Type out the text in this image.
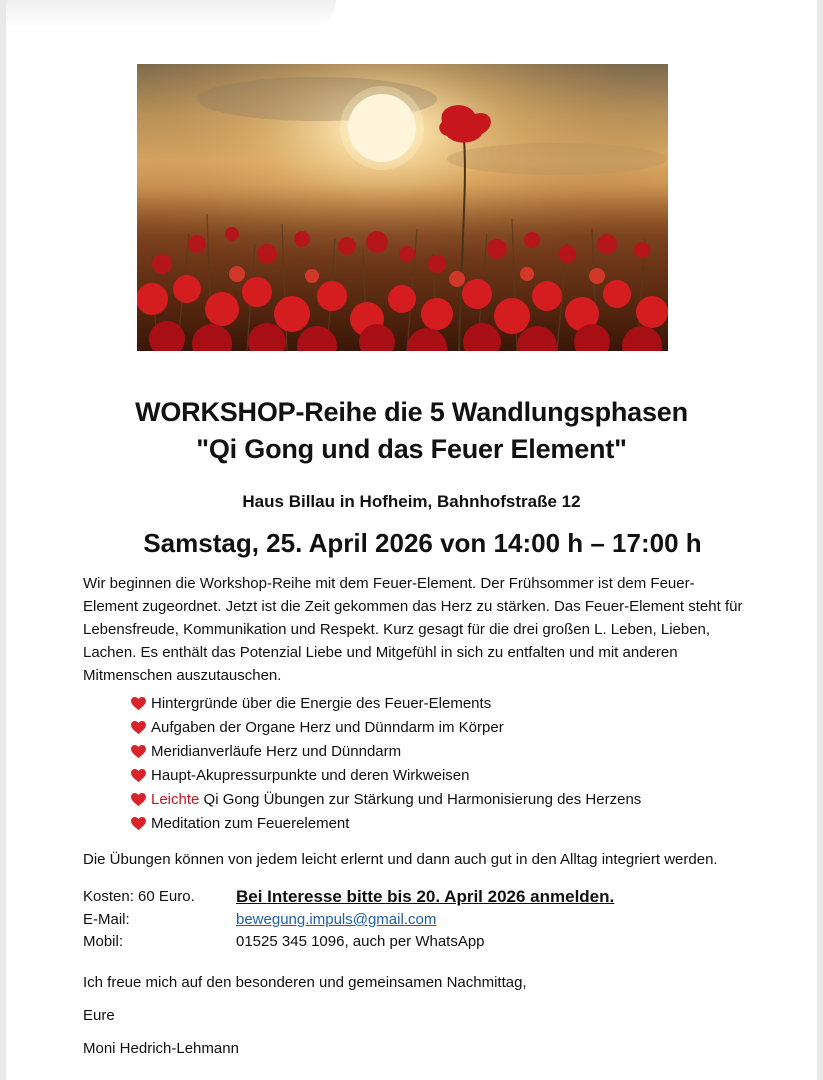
WORKSHOP-Reihe die 5 Wandlungsphasen
"Qi Gong und das Feuer Element"
Haus Billau in Hofheim, Bahnhofstraße 12
Samstag, 25. April 2026 von 14:00 h – 17:00 h
Wir beginnen die Workshop-Reihe mit dem Feuer-Element. Der Frühsommer ist dem Feuer-
Element zugeordnet. Jetzt ist die Zeit gekommen das Herz zu stärken. Das Feuer-Element steht für
Lebensfreude, Kommunikation und Respekt. Kurz gesagt für die drei großen L. Leben, Lieben,
Lachen. Es enthält das Potenzial Liebe und Mitgefühl in sich zu entfalten und mit anderen
Mitmenschen auszutauschen.
Hintergründe über die Energie des Feuer-Elements
Aufgaben der Organe Herz und Dünndarm im Körper
Meridianverläufe Herz und Dünndarm
Haupt-Akupressurpunkte und deren Wirkweisen
Leichte Qi Gong Übungen zur Stärkung und Harmonisierung des Herzens
Meditation zum Feuerelement
Die Übungen können von jedem leicht erlernt und dann auch gut in den Alltag integriert werden.
Kosten: 60 Euro.	Bei Interesse bitte bis 20. April 2026 anmelden.
E-Mail:	bewegung.impuls@gmail.com
Mobil:	01525 345 1096, auch per WhatsApp
Ich freue mich auf den besonderen und gemeinsamen Nachmittag,
Eure
Moni Hedrich-Lehmann
